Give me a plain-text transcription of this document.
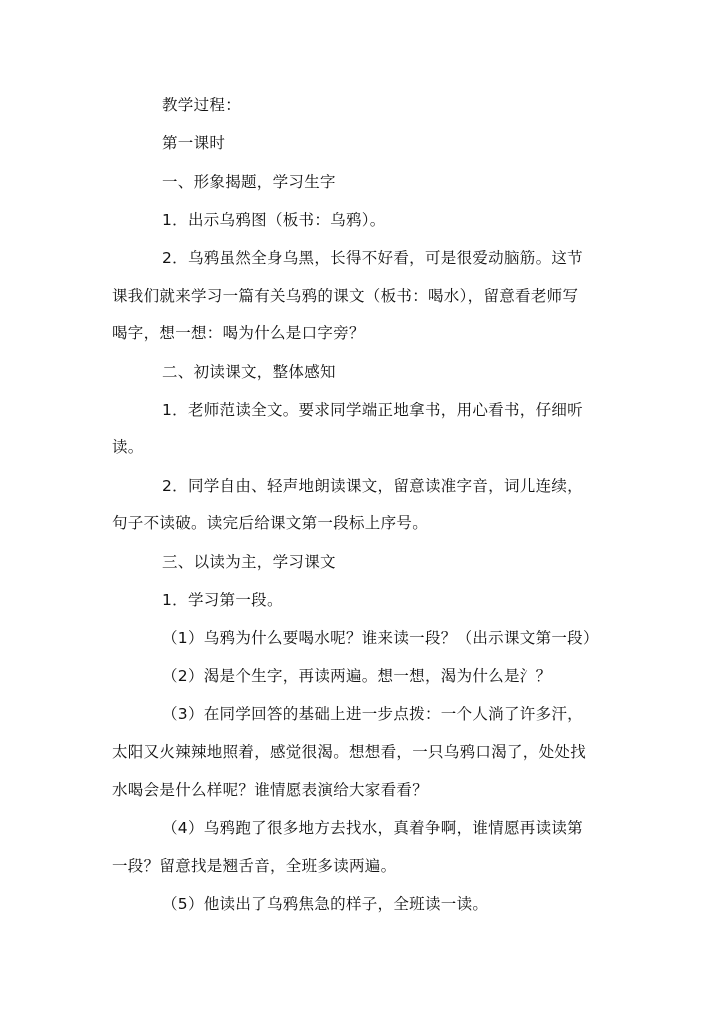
教学过程：
第一课时
一、形象揭题，学习生字
1．出示乌鸦图（板书：乌鸦）。
2．乌鸦虽然全身乌黑，长得不好看，可是很爱动脑筋。这节
课我们就来学习一篇有关乌鸦的课文（板书：喝水），留意看老师写
喝字，想一想：喝为什么是口字旁？
二、初读课文，整体感知
1．老师范读全文。要求同学端正地拿书，用心看书，仔细听
读。
2．同学自由、轻声地朗读课文，留意读准字音，词儿连续，
句子不读破。读完后给课文第一段标上序号。
三、以读为主，学习课文
1．学习第一段。
（1）乌鸦为什么要喝水呢？谁来读一段？（出示课文第一段）
（2）渴是个生字，再读两遍。想一想，渴为什么是氵？
（3）在同学回答的基础上进一步点拨：一个人淌了许多汗，
太阳又火辣辣地照着，感觉很渴。想想看，一只乌鸦口渴了，处处找
水喝会是什么样呢？谁情愿表演给大家看看？
（4）乌鸦跑了很多地方去找水，真着争啊，谁情愿再读读第
一段？留意找是翘舌音，全班多读两遍。
（5）他读出了乌鸦焦急的样子，全班读一读。
